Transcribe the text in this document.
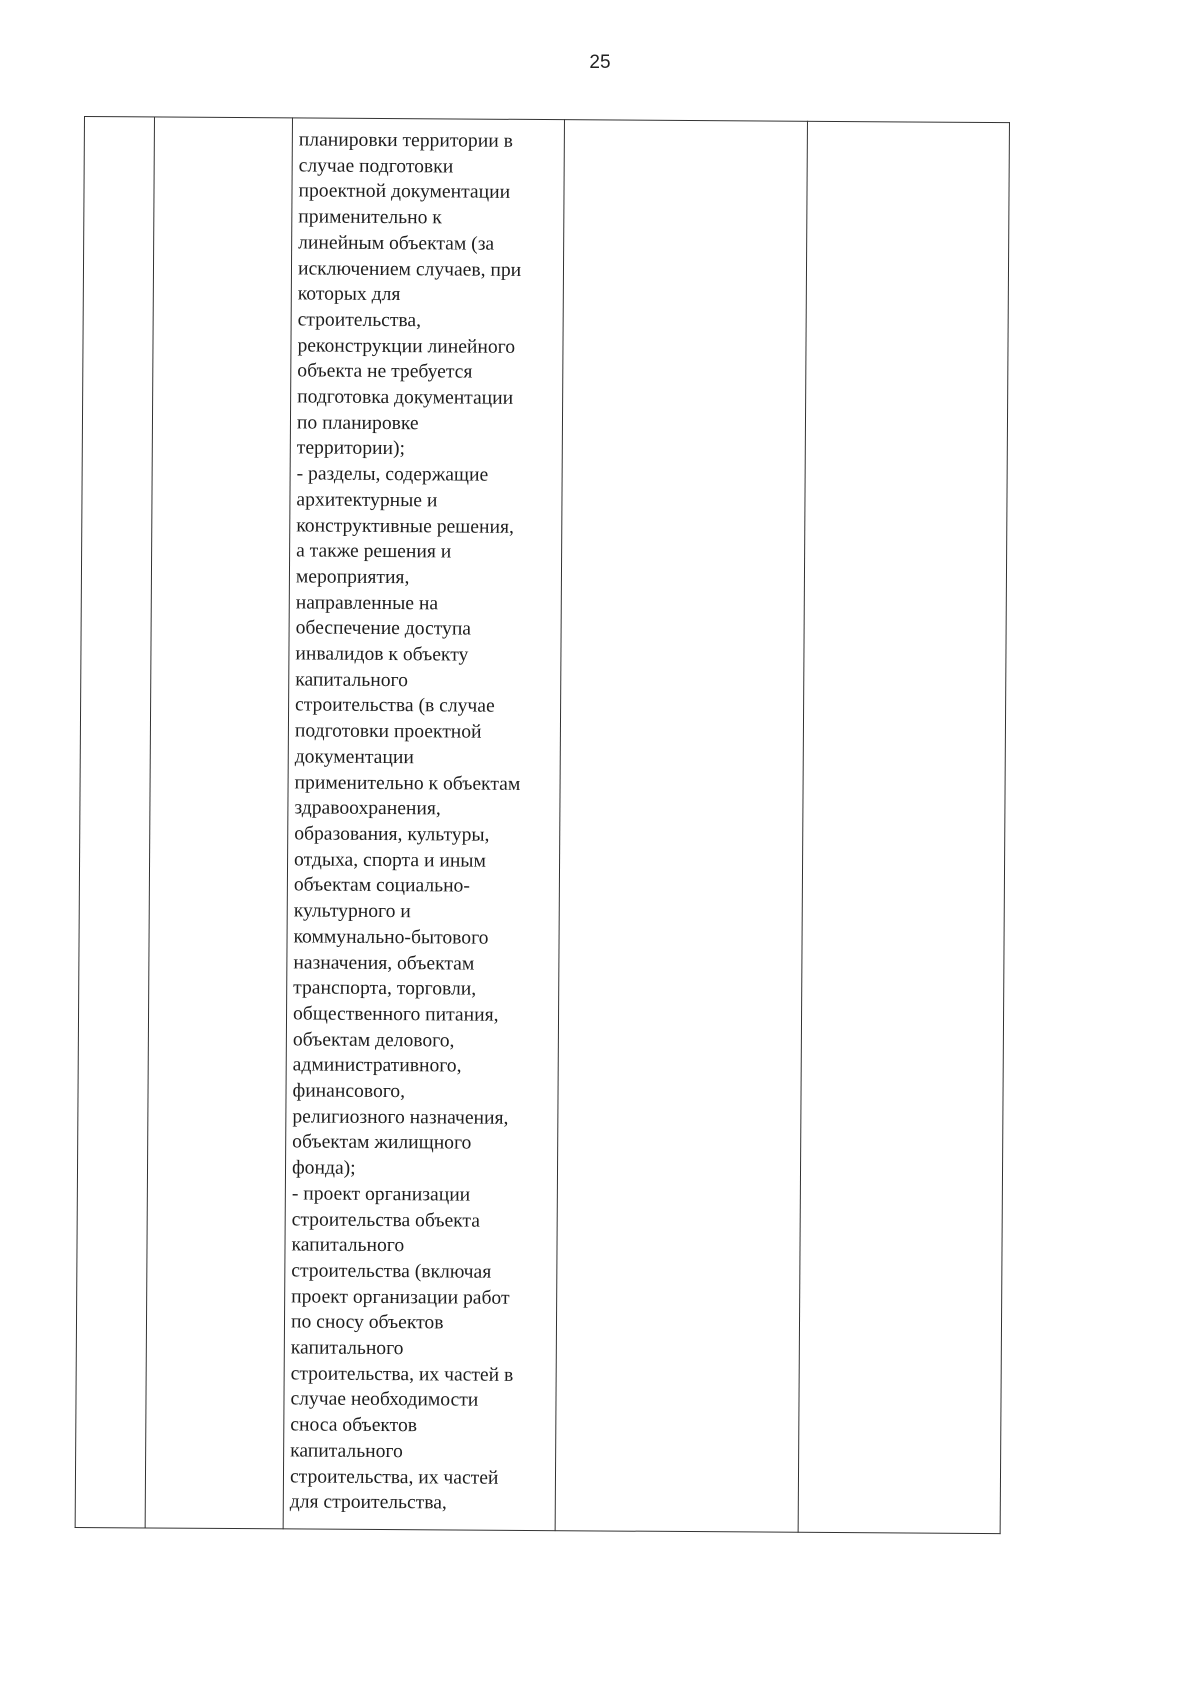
25
планировки территории в
случае подготовки
проектной документации
применительно к
линейным объектам (за
исключением случаев, при
которых для
строительства,
реконструкции линейного
объекта не требуется
подготовка документации
по планировке
территории);
- разделы, содержащие
архитектурные и
конструктивные решения,
а также решения и
мероприятия,
направленные на
обеспечение доступа
инвалидов к объекту
капитального
строительства (в случае
подготовки проектной
документации
применительно к объектам
здравоохранения,
образования, культуры,
отдыха, спорта и иным
объектам социально-
культурного и
коммунально-бытового
назначения, объектам
транспорта, торговли,
общественного питания,
объектам делового,
административного,
финансового,
религиозного назначения,
объектам жилищного
фонда);
- проект организации
строительства объекта
капитального
строительства (включая
проект организации работ
по сносу объектов
капитального
строительства, их частей в
случае необходимости
сноса объектов
капитального
строительства, их частей
для строительства,
